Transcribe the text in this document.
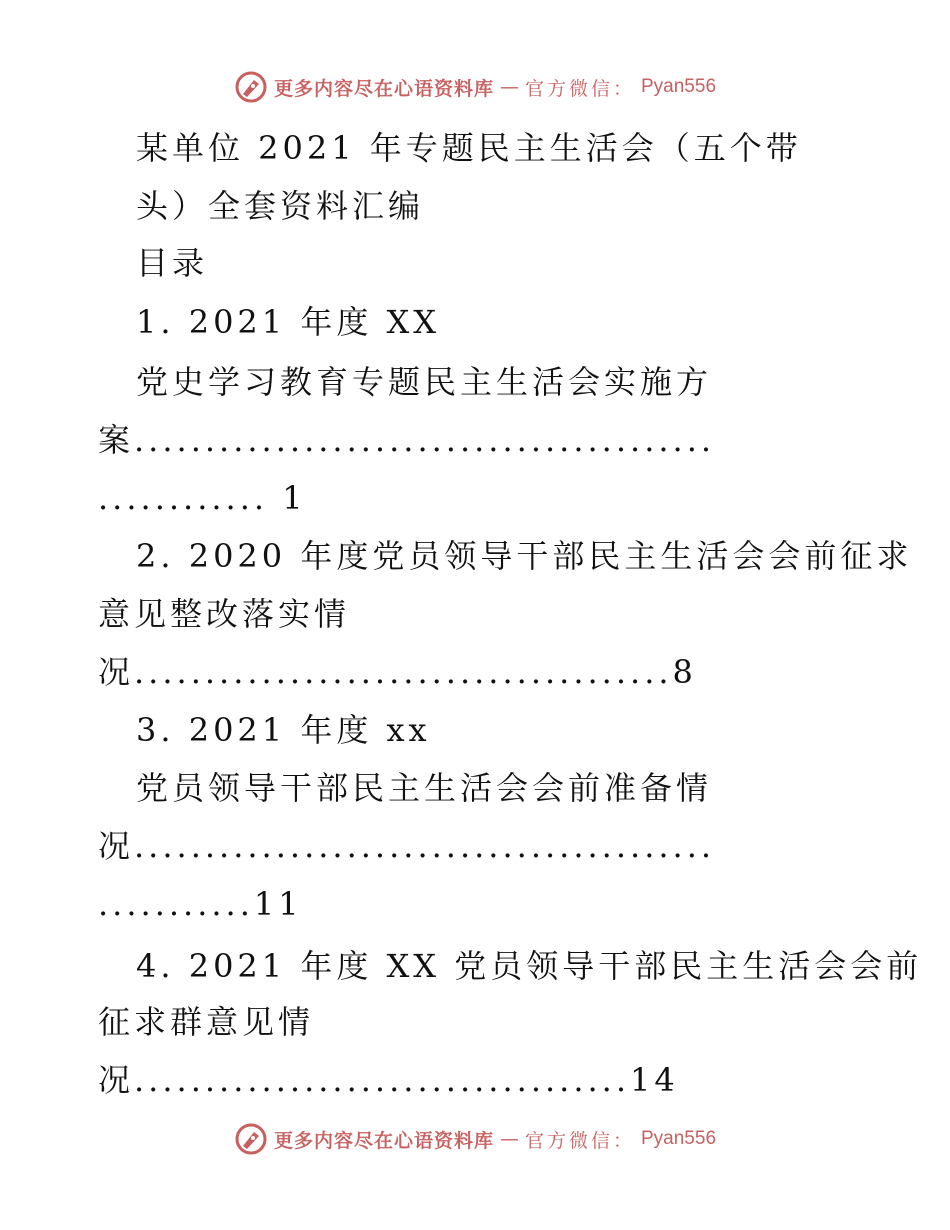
更多内容尽在心语资料库 — 官方微信： Pyan556
某单位 2021 年专题民主生活会（五个带
头）全套资料汇编
目录
1. 2021 年度 XX
党史学习教育专题民主生活会实施方
案.........................................
............ 1
2. 2020 年度党员领导干部民主生活会会前征求
意见整改落实情
况......................................8
3. 2021 年度 xx
党员领导干部民主生活会会前准备情
况.........................................
...........11
4. 2021 年度 XX 党员领导干部民主生活会会前
征求群意见情
况...................................14
更多内容尽在心语资料库 — 官方微信： Pyan556
